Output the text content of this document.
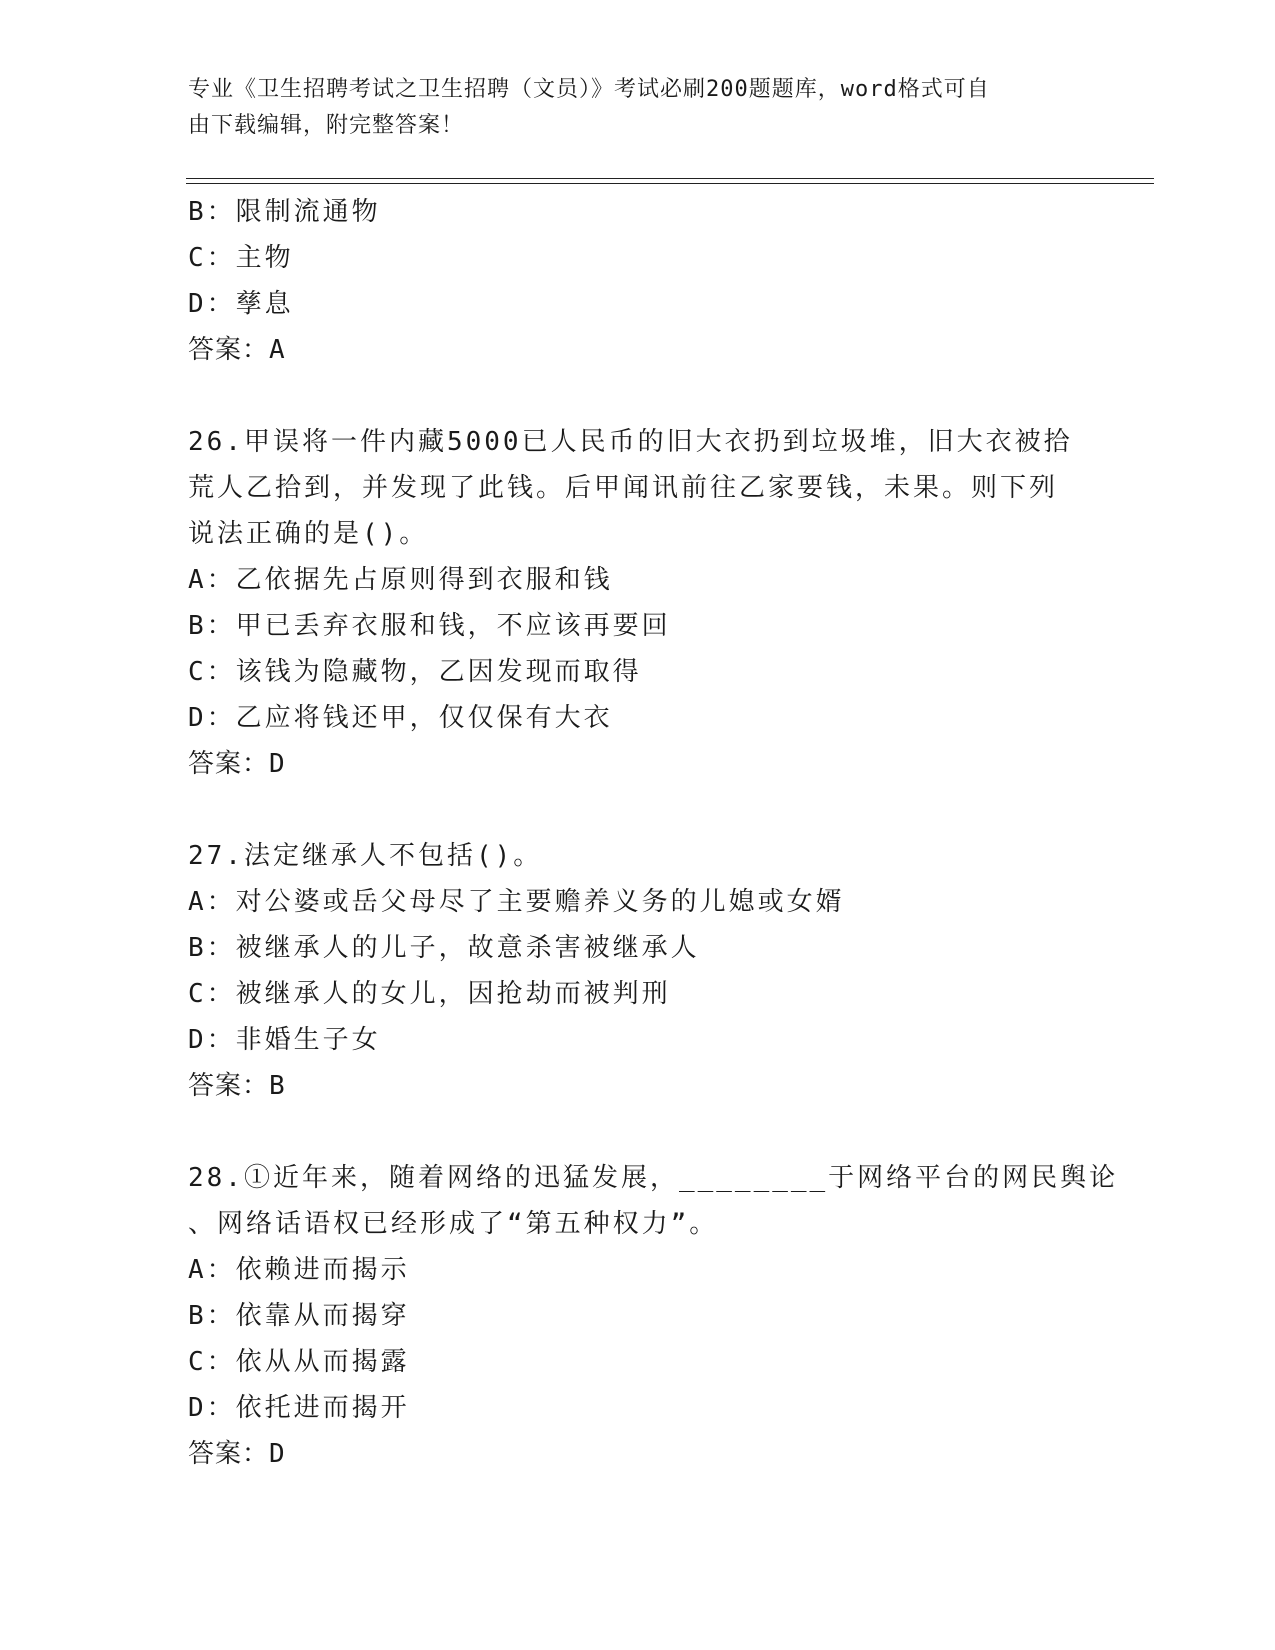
专业《卫生招聘考试之卫生招聘（文员）》考试必刷200题题库，word格式可自
由下载编辑，附完整答案！
B：限制流通物
C：主物
D：孳息
答案：A
26.甲误将一件内藏5000已人民币的旧大衣扔到垃圾堆，旧大衣被拾
荒人乙拾到，并发现了此钱。后甲闻讯前往乙家要钱，未果。则下列
说法正确的是()。
A：乙依据先占原则得到衣服和钱
B：甲已丢弃衣服和钱，不应该再要回
C：该钱为隐藏物，乙因发现而取得
D：乙应将钱还甲，仅仅保有大衣
答案：D
27.法定继承人不包括()。
A：对公婆或岳父母尽了主要赡养义务的儿媳或女婿
B：被继承人的儿子，故意杀害被继承人
C：被继承人的女儿，因抢劫而被判刑
D：非婚生子女
答案：B
28.①近年来，随着网络的迅猛发展，________于网络平台的网民舆论
、网络话语权已经形成了“第五种权力”。
A：依赖进而揭示
B：依靠从而揭穿
C：依从从而揭露
D：依托进而揭开
答案：D
